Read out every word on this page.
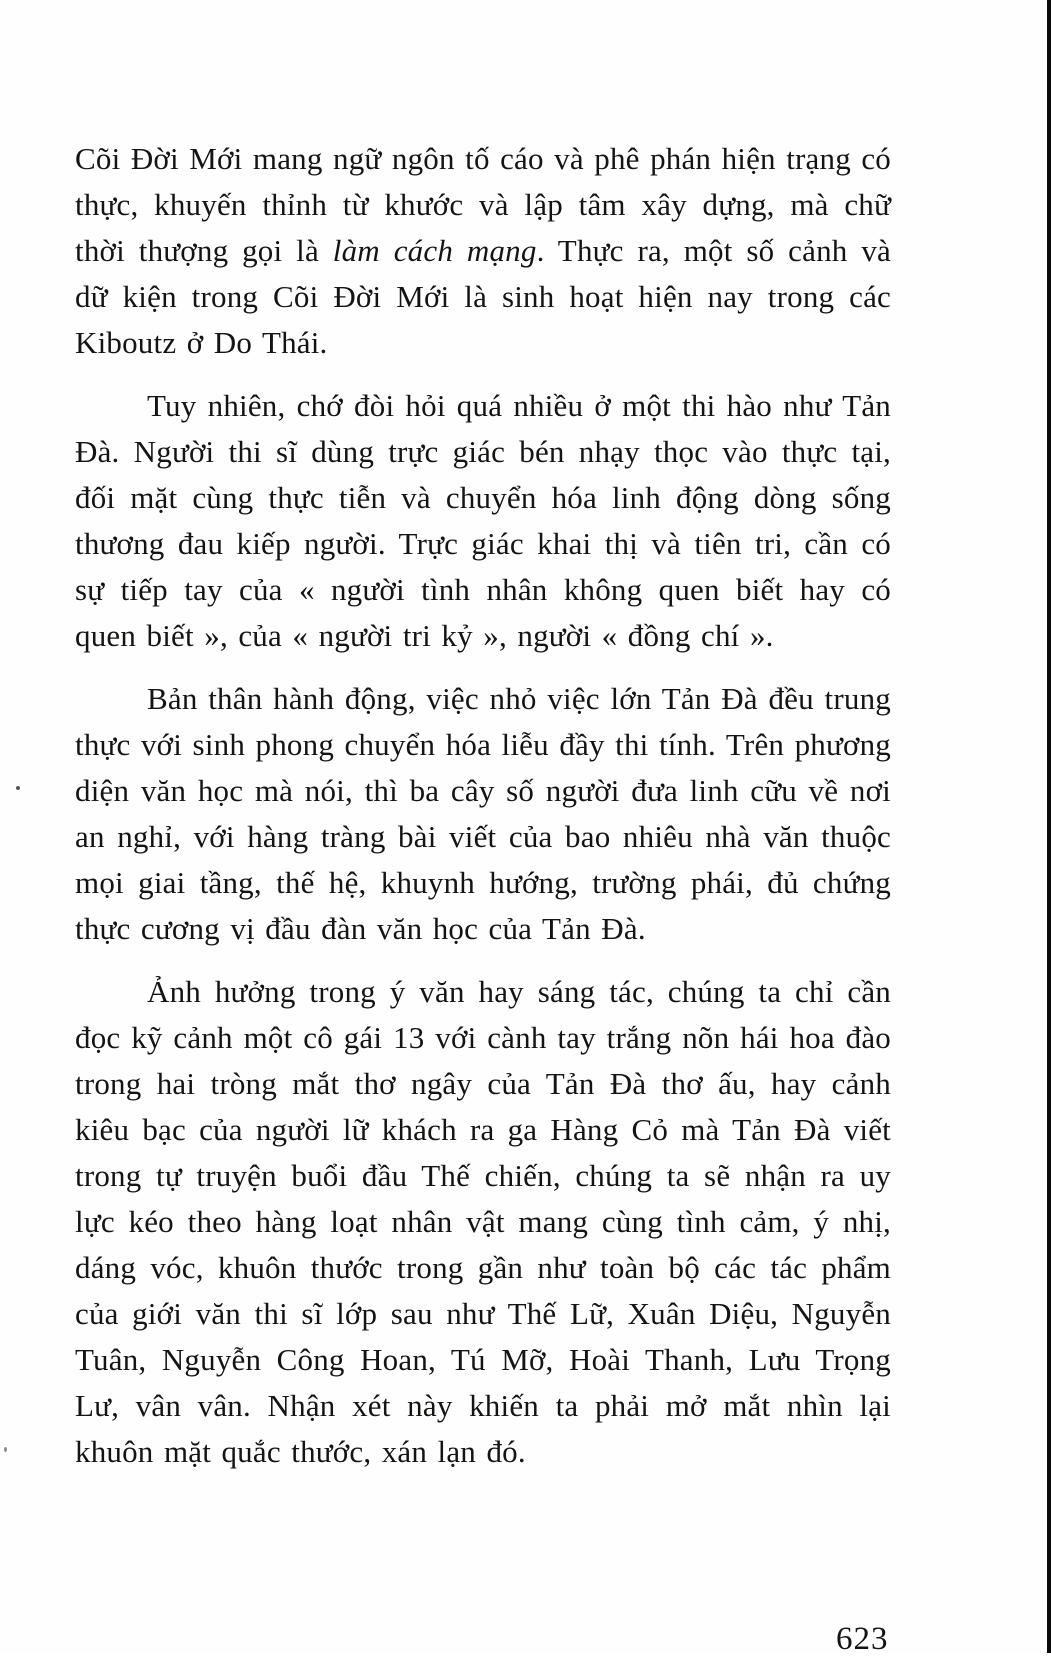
Cõi Đời Mới mang ngữ ngôn tố cáo và phê phán hiện trạng có thực, khuyến thỉnh từ khước và lập tâm xây dựng, mà chữ thời thượng gọi là làm cách mạng. Thực ra, một số cảnh và dữ kiện trong Cõi Đời Mới là sinh hoạt hiện nay trong các Kiboutz ở Do Thái.

Tuy nhiên, chớ đòi hỏi quá nhiều ở một thi hào như Tản Đà. Người thi sĩ dùng trực giác bén nhạy thọc vào thực tại, đối mặt cùng thực tiễn và chuyển hóa linh động dòng sống thương đau kiếp người. Trực giác khai thị và tiên tri, cần có sự tiếp tay của « người tình nhân không quen biết hay có quen biết », của « người tri kỷ », người « đồng chí ».

Bản thân hành động, việc nhỏ việc lớn Tản Đà đều trung thực với sinh phong chuyển hóa liễu đầy thi tính. Trên phương diện văn học mà nói, thì ba cây số người đưa linh cữu về nơi an nghỉ, với hàng tràng bài viết của bao nhiêu nhà văn thuộc mọi giai tầng, thế hệ, khuynh hướng, trường phái, đủ chứng thực cương vị đầu đàn văn học của Tản Đà.

Ảnh hưởng trong ý văn hay sáng tác, chúng ta chỉ cần đọc kỹ cảnh một cô gái 13 với cành tay trắng nõn hái hoa đào trong hai tròng mắt thơ ngây của Tản Đà thơ ấu, hay cảnh kiêu bạc của người lữ khách ra ga Hàng Cỏ mà Tản Đà viết trong tự truyện buổi đầu Thế chiến, chúng ta sẽ nhận ra uy lực kéo theo hàng loạt nhân vật mang cùng tình cảm, ý nhị, dáng vóc, khuôn thước trong gần như toàn bộ các tác phẩm của giới văn thi sĩ lớp sau như Thế Lữ, Xuân Diệu, Nguyễn Tuân, Nguyễn Công Hoan, Tú Mỡ, Hoài Thanh, Lưu Trọng Lư, vân vân. Nhận xét này khiến ta phải mở mắt nhìn lại khuôn mặt quắc thước, xán lạn đó.

623
